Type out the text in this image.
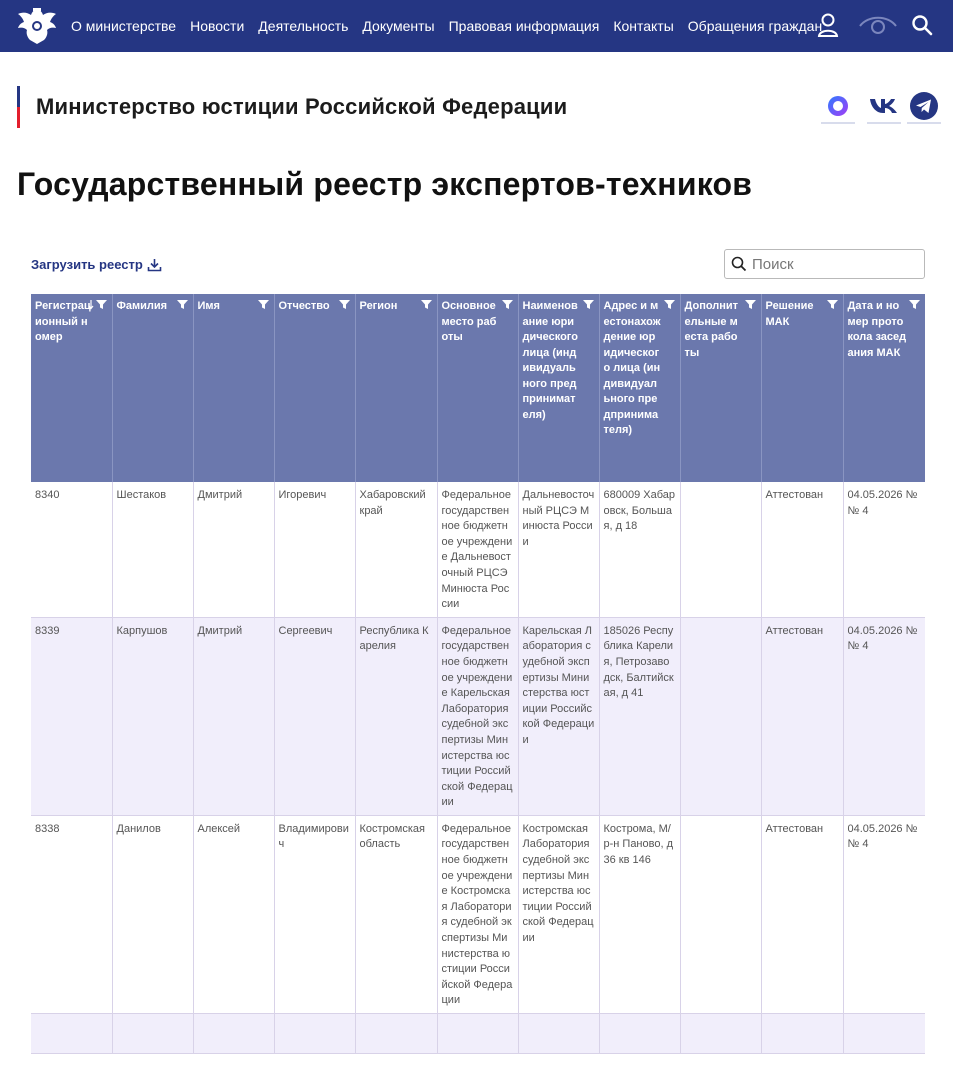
О министерстве Новости Деятельность Документы Правовая информация Контакты Обращения граждан
Министерство юстиции Российской Федерации
Государственный реестр экспертов-техников
Загрузить реестр
Поиск
Регистрационный номер	Фамилия	Имя	Отчество	Регион	Основное место работы	Наименование юридического лица (индивидуального предпринимателя)	Адрес и местонахождение юридического лица (индивидуального предпринимателя)	Дополнительные места работы	Решение МАК	Дата и номер протокола заседания МАК

8340	Шестаков	Дмитрий	Игоревич	Хабаровский край	Федеральное государственное бюджетное учреждение Дальневосточный РЦСЭ Минюста России	Дальневосточный РЦСЭ Минюста России	680009 Хабаровск, Большая, д 18		Аттестован	04.05.2026 №№ 4
8339	Карпушов	Дмитрий	Сергеевич	Республика Карелия	Федеральное государственное бюджетное учреждение Карельская Лаборатория судебной экспертизы Министерства юстиции Российской Федерации	Карельская Лаборатория судебной экспертизы Министерства юстиции Российской Федерации	185026 Республика Карелия, Петрозаводск, Балтийская, д 41		Аттестован	04.05.2026 №№ 4
8338	Данилов	Алексей	Владимирович	Костромская область	Федеральное государственное бюджетное учреждение Костромская Лаборатория судебной экспертизы Министерства юстиции Российской Федерации	Костромская Лаборатория судебной экспертизы Министерства юстиции Российской Федерации	Кострома, М/р-н Паново, д 36 кв 146		Аттестован	04.05.2026 №№ 4
